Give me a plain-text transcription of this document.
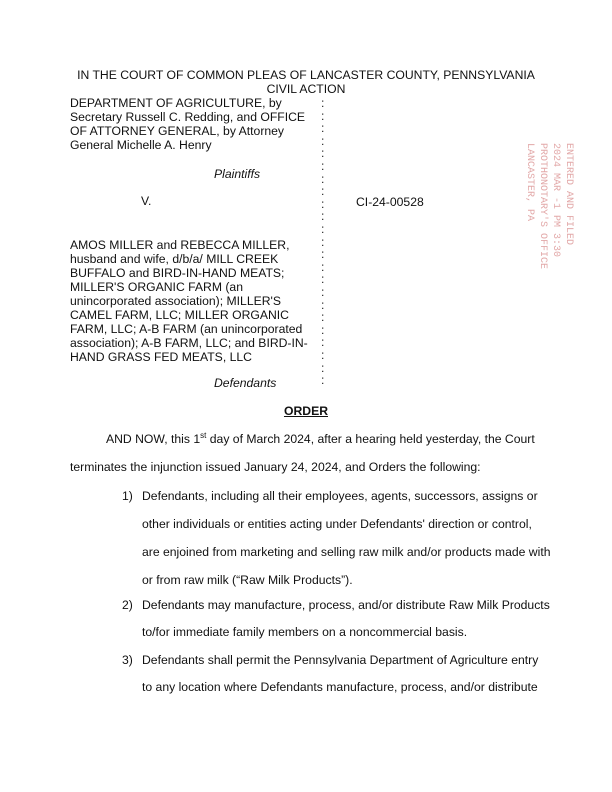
IN THE COURT OF COMMON PLEAS OF LANCASTER COUNTY, PENNSYLVANIA
CIVIL ACTION
DEPARTMENT OF AGRICULTURE, by
Secretary Russell C. Redding, and OFFICE
OF ATTORNEY GENERAL, by Attorney
General Michelle A. Henry
Plaintiffs
V.	CI-24-00528
AMOS MILLER and REBECCA MILLER,
husband and wife, d/b/a/ MILL CREEK
BUFFALO and BIRD-IN-HAND MEATS;
MILLER'S ORGANIC FARM (an
unincorporated association); MILLER'S
CAMEL FARM, LLC; MILLER ORGANIC
FARM, LLC; A-B FARM (an unincorporated
association); A-B FARM, LLC; and BIRD-IN-
HAND GRASS FED MEATS, LLC
Defendants
:
:
:
:
:
:
:
:
:
:
:
:
:
:
:
:
:
:
:
:
:
:
:
ENTERED AND FILED
2024 MAR -1 PM 3:30
PROTHONOTARY'S OFFICE
LANCASTER, PA
ORDER
AND NOW, this 1st day of March 2024, after a hearing held yesterday, the Court
terminates the injunction issued January 24, 2024, and Orders the following:
1) Defendants, including all their employees, agents, successors, assigns or
other individuals or entities acting under Defendants' direction or control,
are enjoined from marketing and selling raw milk and/or products made with
or from raw milk (“Raw Milk Products”).
2) Defendants may manufacture, process, and/or distribute Raw Milk Products
to/for immediate family members on a noncommercial basis.
3) Defendants shall permit the Pennsylvania Department of Agriculture entry
to any location where Defendants manufacture, process, and/or distribute
